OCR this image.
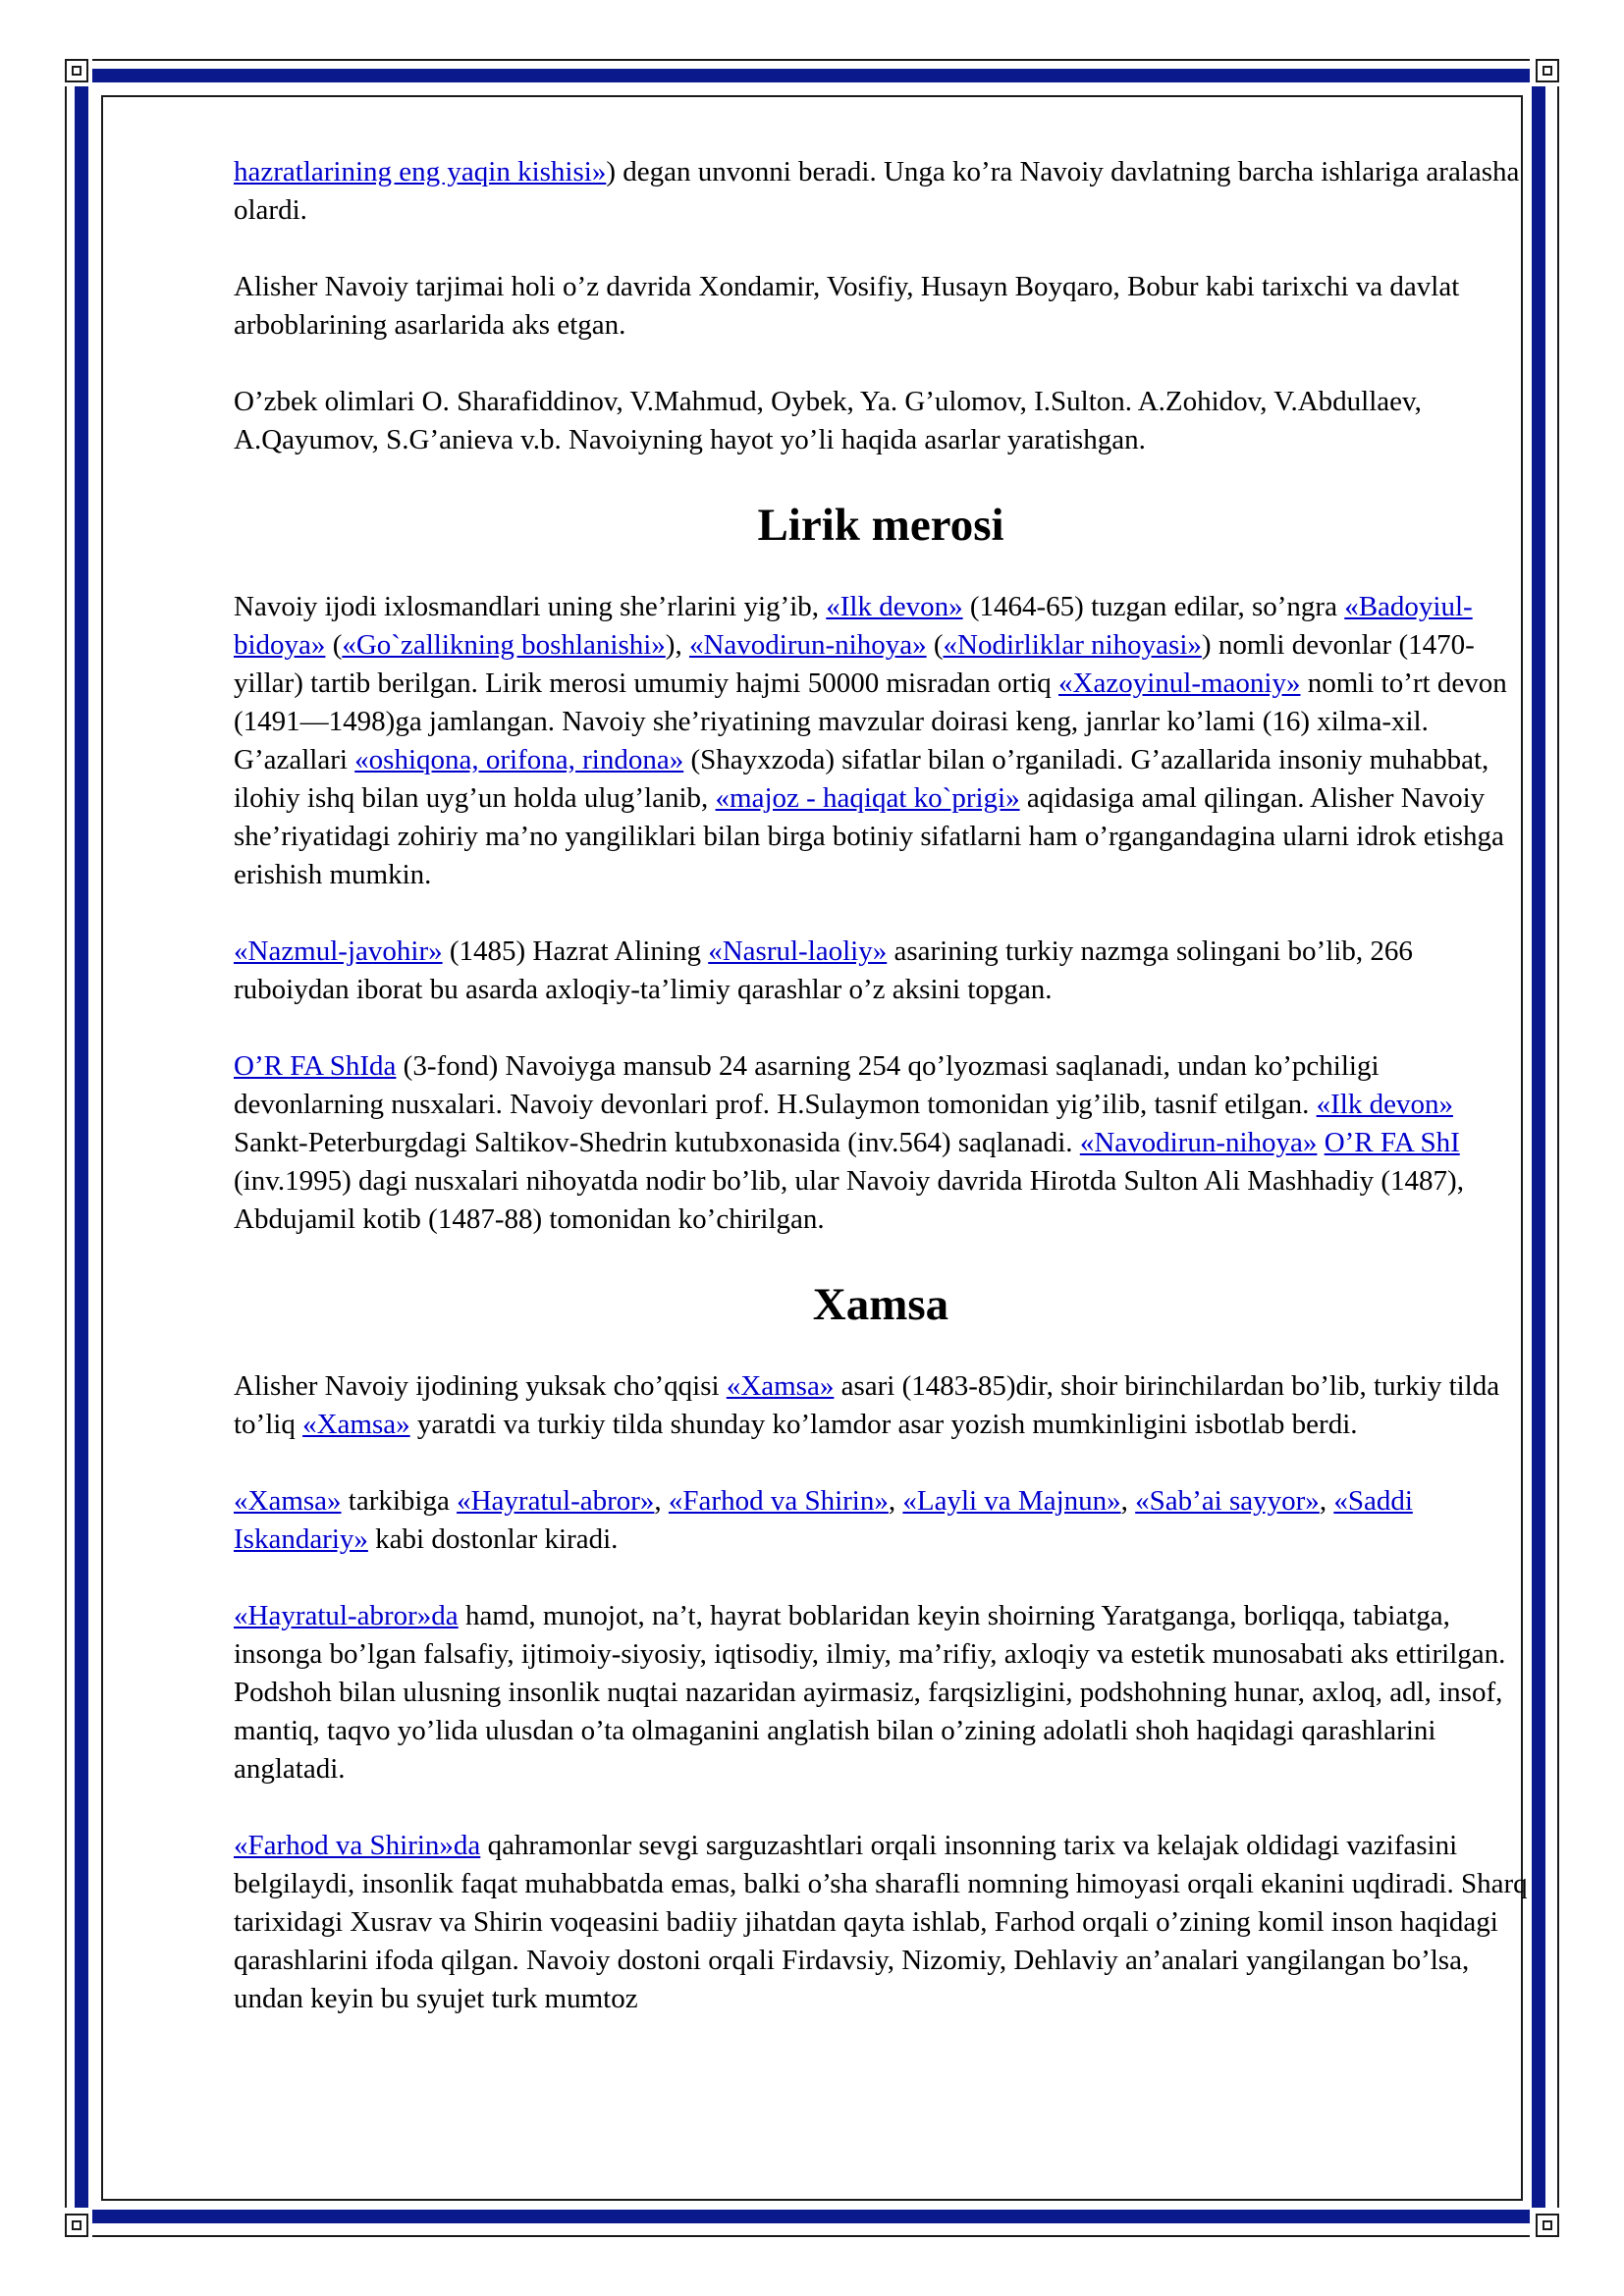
hazratlarining eng yaqin kishisi») degan unvonni beradi. Unga ko’ra Navoiy davlatning barcha ishlariga aralasha olardi.

Alisher Navoiy tarjimai holi o’z davrida Xondamir, Vosifiy, Husayn Boyqaro, Bobur kabi tarixchi va davlat arboblarining asarlarida aks etgan.

O’zbek olimlari O. Sharafiddinov, V.Mahmud, Oybek, Ya. G’ulomov, I.Sulton. A.Zohidov, V.Abdullaev, A.Qayumov, S.G’anieva v.b. Navoiyning hayot yo’li haqida asarlar yaratishgan.

Lirik merosi

Navoiy ijodi ixlosmandlari uning she’rlarini yig’ib, «Ilk devon» (1464-65) tuzgan edilar, so’ngra «Badoyiul-bidoya» («Go`zallikning boshlanishi»), «Navodirun-nihoya» («Nodirliklar nihoyasi») nomli devonlar (1470-yillar) tartib berilgan. Lirik merosi umumiy hajmi 50000 misradan ortiq «Xazoyinul-maoniy» nomli to’rt devon (1491—1498)ga jamlangan. Navoiy she’riyatining mavzular doirasi keng, janrlar ko’lami (16) xilma-xil. G’azallari «oshiqona, orifona, rindona» (Shayxzoda) sifatlar bilan o’rganiladi. G’azallarida insoniy muhabbat, ilohiy ishq bilan uyg’un holda ulug’lanib, «majoz - haqiqat ko`prigi» aqidasiga amal qilingan. Alisher Navoiy she’riyatidagi zohiriy ma’no yangiliklari bilan birga botiniy sifatlarni ham o’rgangandagina ularni idrok etishga erishish mumkin.

«Nazmul-javohir» (1485) Hazrat Alining «Nasrul-laoliy» asarining turkiy nazmga solingani bo’lib, 266 ruboiydan iborat bu asarda axloqiy-ta’limiy qarashlar o’z aksini topgan.

O’R FA ShIda (3-fond) Navoiyga mansub 24 asarning 254 qo’lyozmasi saqlanadi, undan ko’pchiligi devonlarning nusxalari. Navoiy devonlari prof. H.Sulaymon tomonidan yig’ilib, tasnif etilgan. «Ilk devon» Sankt-Peterburgdagi Saltikov-Shedrin kutubxonasida (inv.564) saqlanadi. «Navodirun-nihoya» O’R FA ShI (inv.1995) dagi nusxalari nihoyatda nodir bo’lib, ular Navoiy davrida Hirotda Sulton Ali Mashhadiy (1487), Abdujamil kotib (1487-88) tomonidan ko’chirilgan.

Xamsa

Alisher Navoiy ijodining yuksak cho’qqisi «Xamsa» asari (1483-85)dir, shoir birinchilardan bo’lib, turkiy tilda to’liq «Xamsa» yaratdi va turkiy tilda shunday ko’lamdor asar yozish mumkinligini isbotlab berdi.

«Xamsa» tarkibiga «Hayratul-abror», «Farhod va Shirin», «Layli va Majnun», «Sab’ai sayyor», «Saddi Iskandariy» kabi dostonlar kiradi.

«Hayratul-abror»da hamd, munojot, na’t, hayrat boblaridan keyin shoirning Yaratganga, borliqqa, tabiatga, insonga bo’lgan falsafiy, ijtimoiy-siyosiy, iqtisodiy, ilmiy, ma’rifiy, axloqiy va estetik munosabati aks ettirilgan. Podshoh bilan ulusning insonlik nuqtai nazaridan ayirmasiz, farqsizligini, podshohning hunar, axloq, adl, insof, mantiq, taqvo yo’lida ulusdan o’ta olmaganini anglatish bilan o’zining adolatli shoh haqidagi qarashlarini anglatadi.

«Farhod va Shirin»da qahramonlar sevgi sarguzashtlari orqali insonning tarix va kelajak oldidagi vazifasini belgilaydi, insonlik faqat muhabbatda emas, balki o’sha sharafli nomning himoyasi orqali ekanini uqdiradi. Sharq tarixidagi Xusrav va Shirin voqeasini badiiy jihatdan qayta ishlab, Farhod orqali o’zining komil inson haqidagi qarashlarini ifoda qilgan. Navoiy dostoni orqali Firdavsiy, Nizomiy, Dehlaviy an’analari yangilangan bo’lsa, undan keyin bu syujet turk mumtoz
